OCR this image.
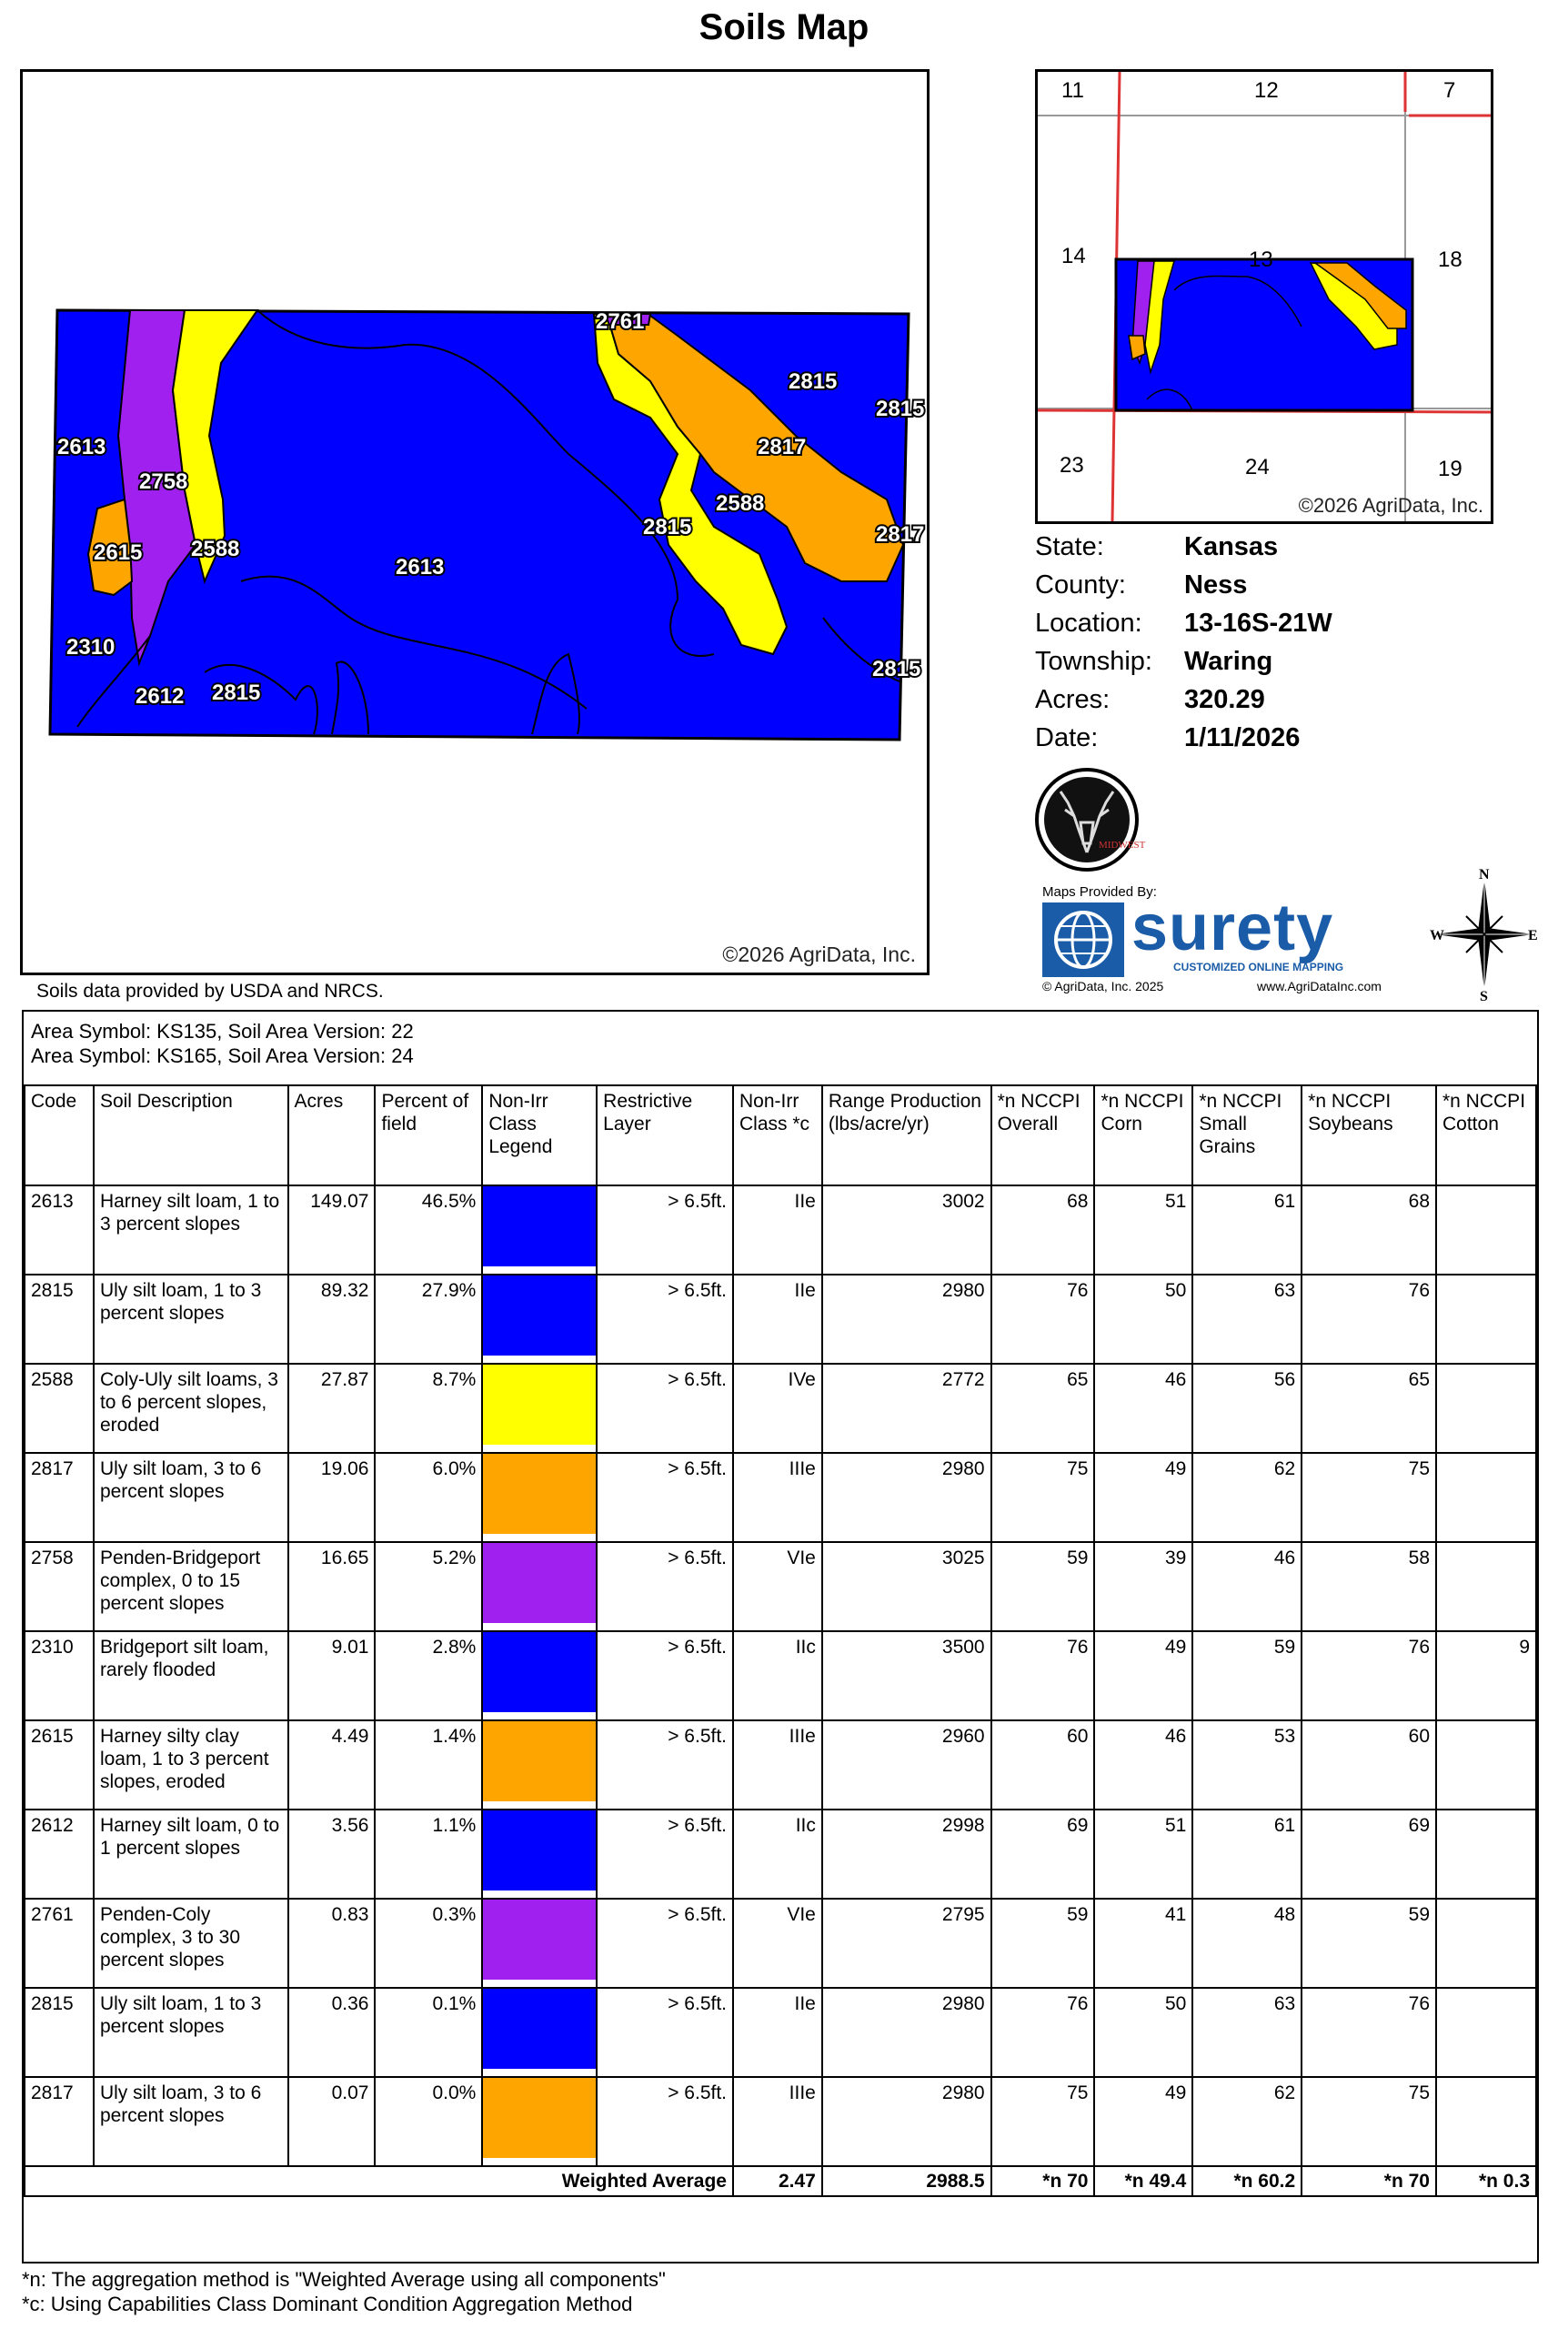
Soils Map
2613
2758
2615 2588
2310
2612 2815
2613
2761
2815
2815
2817
2588
2815	2817
2815
©2026 AgriData, Inc.
11	12	7
14	13	18
23	24	19
©2026 AgriData, Inc.
State:	Kansas
County: Ness
Location: 13-16S-21W
Township: Waring
Acres:	320.29
Date:	1/11/2026
MIDWEST
Maps Provided By:
surety
CUSTOMIZED ONLINE MAPPING
© AgriData, Inc. 2025	www.AgriDataInc.com
N
S
W	E
Soils data provided by USDA and NRCS.
Area Symbol: KS135, Soil Area Version: 22
Area Symbol: KS165, Soil Area Version: 24
Code	Soil Description	Acres	Percent of field	Non-Irr Class Legend	Restrictive Layer	Non-Irr Class *c	Range Production (lbs/acre/yr)	*n NCCPI Overall	*n NCCPI Corn	*n NCCPI Small Grains	*n NCCPI Soybeans	*n NCCPI Cotton
2613	Harney silt loam, 1 to 3 percent slopes	149.07	46.5%		> 6.5ft.	IIe	3002	68	51	61	68	
2815	Uly silt loam, 1 to 3 percent slopes	89.32	27.9%		> 6.5ft.	IIe	2980	76	50	63	76	
2588	Coly-Uly silt loams, 3 to 6 percent slopes, eroded	27.87	8.7%		> 6.5ft.	IVe	2772	65	46	56	65	
2817	Uly silt loam, 3 to 6 percent slopes	19.06	6.0%		> 6.5ft.	IIIe	2980	75	49	62	75	
2758	Penden-Bridgeport complex, 0 to 15 percent slopes	16.65	5.2%		> 6.5ft.	VIe	3025	59	39	46	58	
2310	Bridgeport silt loam, rarely flooded	9.01	2.8%		> 6.5ft.	IIc	3500	76	49	59	76	9
2615	Harney silty clay loam, 1 to 3 percent slopes, eroded	4.49	1.4%		> 6.5ft.	IIIe	2960	60	46	53	60	
2612	Harney silt loam, 0 to 1 percent slopes	3.56	1.1%		> 6.5ft.	IIc	2998	69	51	61	69	
2761	Penden-Coly complex, 3 to 30 percent slopes	0.83	0.3%		> 6.5ft.	VIe	2795	59	41	48	59	
2815	Uly silt loam, 1 to 3 percent slopes	0.36	0.1%		> 6.5ft.	IIe	2980	76	50	63	76	
2817	Uly silt loam, 3 to 6 percent slopes	0.07	0.0%		> 6.5ft.	IIIe	2980	75	49	62	75	
Weighted Average						2.47	2988.5	*n 70	*n 49.4	*n 60.2	*n 70	*n 0.3
*n: The aggregation method is "Weighted Average using all components"
*c: Using Capabilities Class Dominant Condition Aggregation Method
